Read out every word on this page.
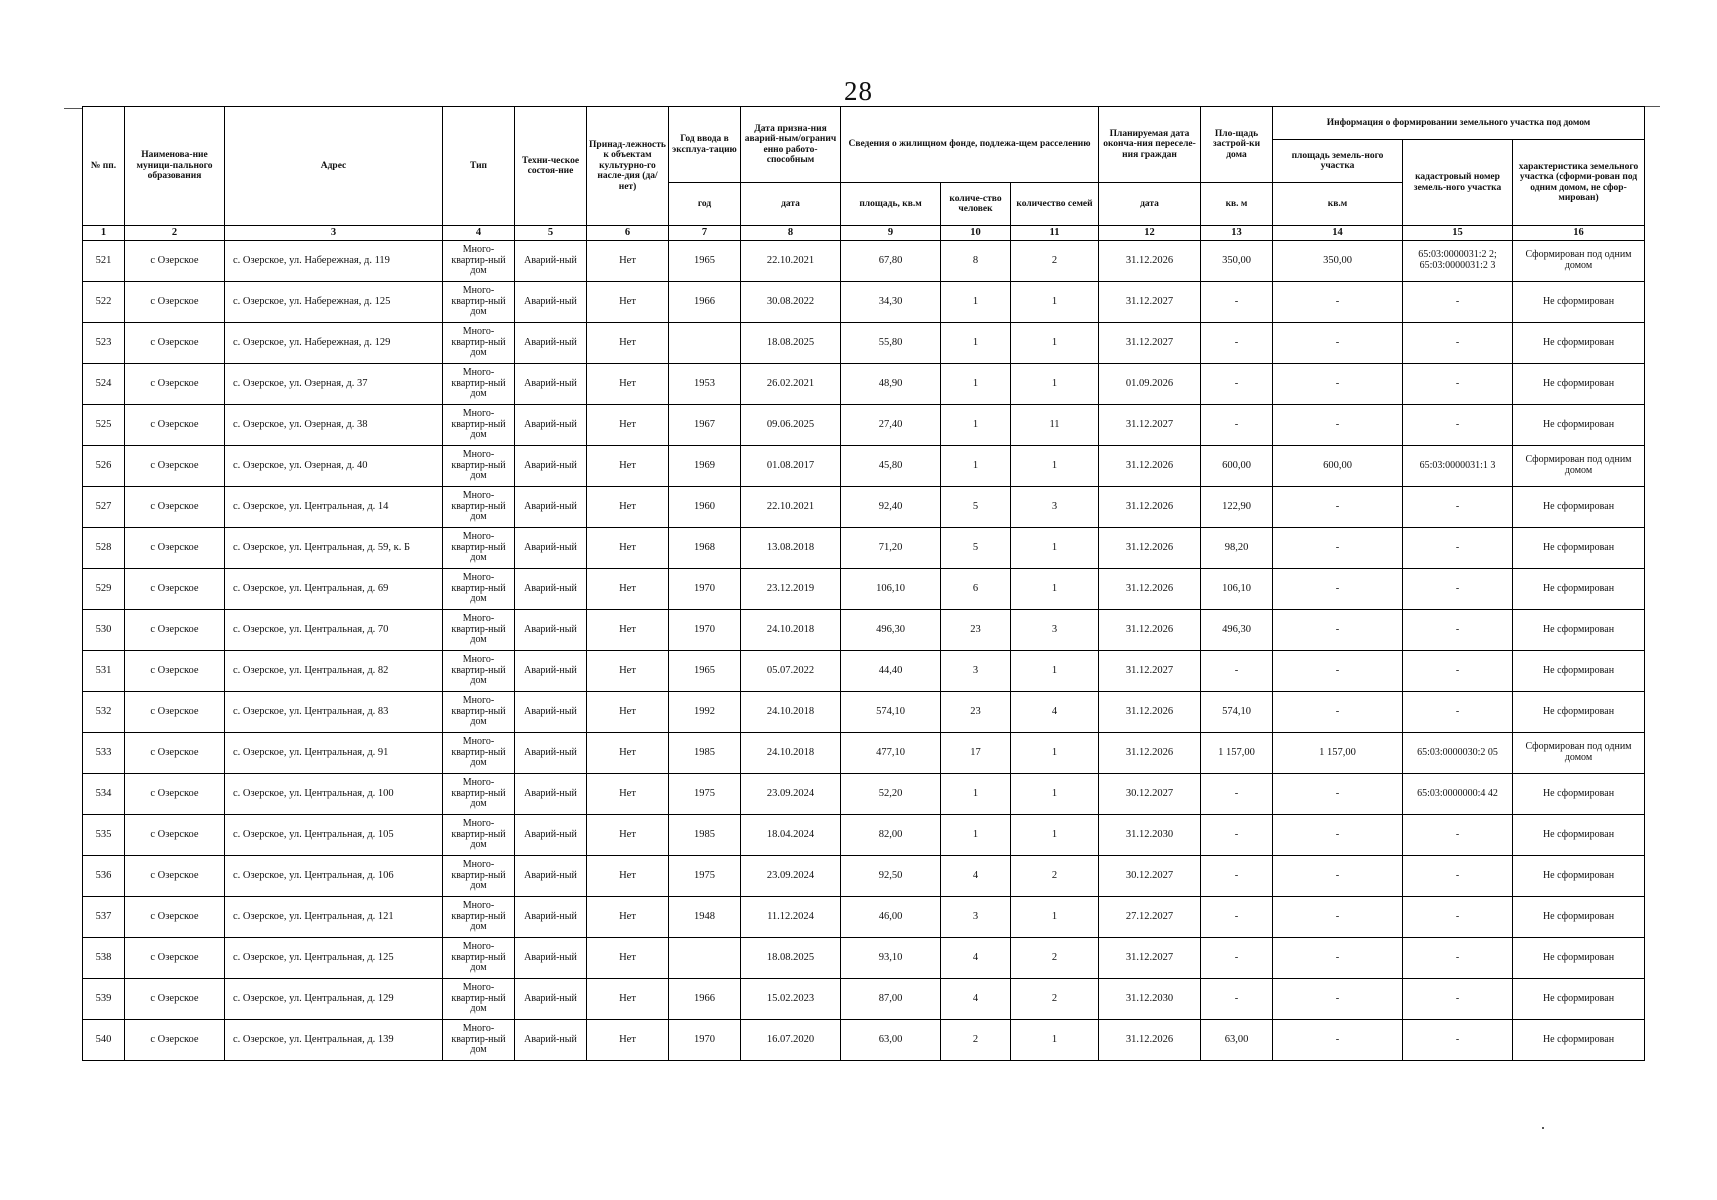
28
№ пп.	Наименова-ние муници-пального образования	Адрес	Тип	Техни-ческое состоя-ние	Принад-лежность к объектам культурно-го насле-дия (да/нет)	Год ввода в эксплуа-тацию	Дата призна-ния аварий-ным/огранич енно работо-способным	Сведения о жилищном фонде, подлежа-щем расселению			Планируемая дата оконча-ния переселе-ния граждан	Пло-щадь застрой-ки дома	Информация о формировании земельного участка под домом		
													площадь земель-ного участка	кадастровый номер земель-ного участка	характеристика земельного участка (сформи-рован под одним домом, не сфор-мирован)
						год	дата	площадь, кв.м	количе-ство человек	количество семей	дата	кв. м	кв.м		
1	2	3	4	5	6	7	8	9	10	11	12	13	14	15	16
521	с Озерское	с. Озерское, ул. Набережная, д. 119	Много-квартир-ный дом	Аварий-ный	Нет	1965	22.10.2021	67,80	8	2	31.12.2026	350,00	350,00	65:03:0000031:2 2; 65:03:0000031:2 3	Сформирован под одним домом
522	с Озерское	с. Озерское, ул. Набережная, д. 125	Много-квартир-ный дом	Аварий-ный	Нет	1966	30.08.2022	34,30	1	1	31.12.2027	-	-	-	Не сформирован
523	с Озерское	с. Озерское, ул. Набережная, д. 129	Много-квартир-ный дом	Аварий-ный	Нет		18.08.2025	55,80	1	1	31.12.2027	-	-	-	Не сформирован
524	с Озерское	с. Озерское, ул. Озерная, д. 37	Много-квартир-ный дом	Аварий-ный	Нет	1953	26.02.2021	48,90	1	1	01.09.2026	-	-	-	Не сформирован
525	с Озерское	с. Озерское, ул. Озерная, д. 38	Много-квартир-ный дом	Аварий-ный	Нет	1967	09.06.2025	27,40	1	11	31.12.2027	-	-	-	Не сформирован
526	с Озерское	с. Озерское, ул. Озерная, д. 40	Много-квартир-ный дом	Аварий-ный	Нет	1969	01.08.2017	45,80	1	1	31.12.2026	600,00	600,00	65:03:0000031:1 3	Сформирован под одним домом
527	с Озерское	с. Озерское, ул. Центральная, д. 14	Много-квартир-ный дом	Аварий-ный	Нет	1960	22.10.2021	92,40	5	3	31.12.2026	122,90	-	-	Не сформирован
528	с Озерское	с. Озерское, ул. Центральная, д. 59, к. Б	Много-квартир-ный дом	Аварий-ный	Нет	1968	13.08.2018	71,20	5	1	31.12.2026	98,20	-	-	Не сформирован
529	с Озерское	с. Озерское, ул. Центральная, д. 69	Много-квартир-ный дом	Аварий-ный	Нет	1970	23.12.2019	106,10	6	1	31.12.2026	106,10	-	-	Не сформирован
530	с Озерское	с. Озерское, ул. Центральная, д. 70	Много-квартир-ный дом	Аварий-ный	Нет	1970	24.10.2018	496,30	23	3	31.12.2026	496,30	-	-	Не сформирован
531	с Озерское	с. Озерское, ул. Центральная, д. 82	Много-квартир-ный дом	Аварий-ный	Нет	1965	05.07.2022	44,40	3	1	31.12.2027	-	-	-	Не сформирован
532	с Озерское	с. Озерское, ул. Центральная, д. 83	Много-квартир-ный дом	Аварий-ный	Нет	1992	24.10.2018	574,10	23	4	31.12.2026	574,10	-	-	Не сформирован
533	с Озерское	с. Озерское, ул. Центральная, д. 91	Много-квартир-ный дом	Аварий-ный	Нет	1985	24.10.2018	477,10	17	1	31.12.2026	1 157,00	1 157,00	65:03:0000030:2 05	Сформирован под одним домом
534	с Озерское	с. Озерское, ул. Центральная, д. 100	Много-квартир-ный дом	Аварий-ный	Нет	1975	23.09.2024	52,20	1	1	30.12.2027	-	-	65:03:0000000:4 42	Не сформирован
535	с Озерское	с. Озерское, ул. Центральная, д. 105	Много-квартир-ный дом	Аварий-ный	Нет	1985	18.04.2024	82,00	1	1	31.12.2030	-	-	-	Не сформирован
536	с Озерское	с. Озерское, ул. Центральная, д. 106	Много-квартир-ный дом	Аварий-ный	Нет	1975	23.09.2024	92,50	4	2	30.12.2027	-	-	-	Не сформирован
537	с Озерское	с. Озерское, ул. Центральная, д. 121	Много-квартир-ный дом	Аварий-ный	Нет	1948	11.12.2024	46,00	3	1	27.12.2027	-	-	-	Не сформирован
538	с Озерское	с. Озерское, ул. Центральная, д. 125	Много-квартир-ный дом	Аварий-ный	Нет		18.08.2025	93,10	4	2	31.12.2027	-	-	-	Не сформирован
539	с Озерское	с. Озерское, ул. Центральная, д. 129	Много-квартир-ный дом	Аварий-ный	Нет	1966	15.02.2023	87,00	4	2	31.12.2030	-	-	-	Не сформирован
540	с Озерское	с. Озерское, ул. Центральная, д. 139	Много-квартир-ный дом	Аварий-ный	Нет	1970	16.07.2020	63,00	2	1	31.12.2026	63,00	-	-	Не сформирован
